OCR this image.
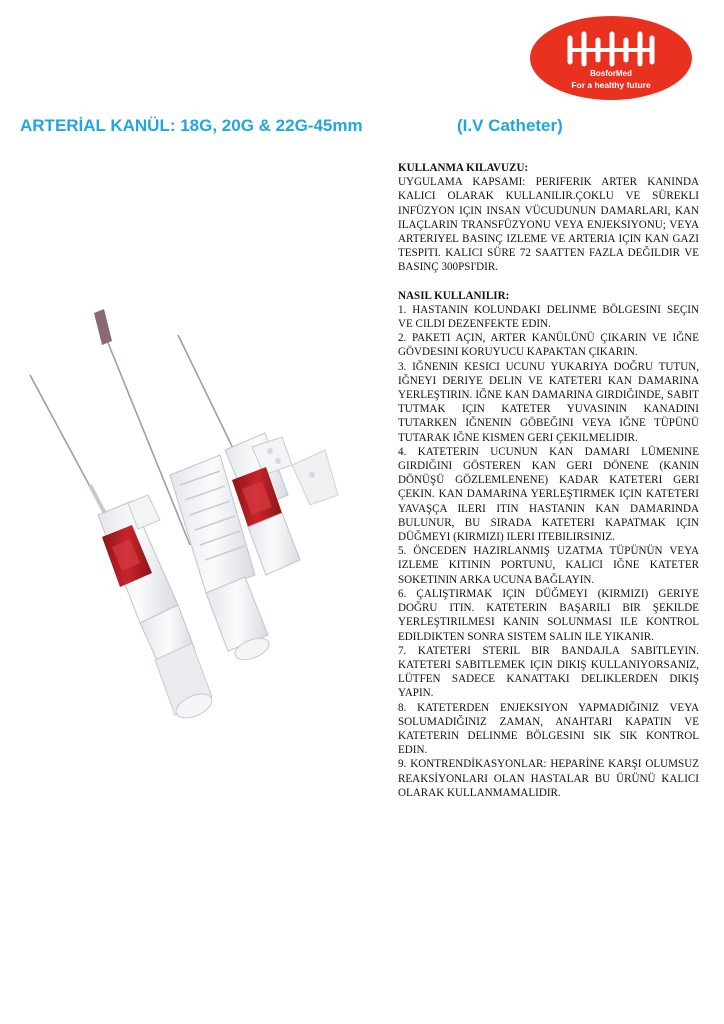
BosforMed
For a healthy future
ARTERİAL KANÜL: 18G, 20G & 22G-45mm	(I.V Catheter)
KULLANMA KILAVUZU:
UYGULAMA KAPSAMI: PERIFERIK ARTER KANINDA KALICI OLARAK KULLANILIR.ÇOKLU VE SÜREKLI INFÜZYON IÇIN INSAN VÜCUDUNUN DAMARLARI, KAN ILAÇLARIN TRANSFÜZYONU VEYA ENJEKSIYONU; VEYA ARTERIYEL BASINÇ IZLEME VE ARTERIA IÇIN KAN GAZI TESPITI. KALICI SÜRE 72 SAATTEN FAZLA DEĞILDIR VE BASINÇ 300PSI'DIR.
NASIL KULLANILIR:
1. HASTANIN KOLUNDAKI DELINME BÖLGESINI SEÇIN VE CILDI DEZENFEKTE EDIN.
2. PAKETI AÇIN, ARTER KANÜLÜNÜ ÇIKARIN VE IĞNE GÖVDESINI KORUYUCU KAPAKTAN ÇIKARIN.
3. IĞNENIN KESICI UCUNU YUKARIYA DOĞRU TUTUN, IĞNEYI DERIYE DELIN VE KATETERI KAN DAMARINA YERLEŞTIRIN. IĞNE KAN DAMARINA GIRDIĞINDE, SABIT TUTMAK IÇIN KATETER YUVASININ KANADINI TUTARKEN IĞNENIN GÖBEĞINI VEYA IĞNE TÜPÜNÜ TUTARAK IĞNE KISMEN GERI ÇEKILMELIDIR.
4. KATETERIN UCUNUN KAN DAMARI LÜMENINE GIRDIĞINI GÖSTEREN KAN GERI DÖNENE (KANIN DÖNÜŞÜ GÖZLEMLENENE) KADAR KATETERI GERI ÇEKIN. KAN DAMARINA YERLEŞTIRMEK IÇIN KATETERI YAVAŞÇA ILERI ITIN HASTANIN KAN DAMARINDA BULUNUR, BU SIRADA KATETERI KAPATMAK IÇIN DÜĞMEYI (KIRMIZI) ILERI ITEBILIRSINIZ.
5. ÖNCEDEN HAZIRLANMIŞ UZATMA TÜPÜNÜN VEYA IZLEME KITININ PORTUNU, KALICI IĞNE KATETER SOKETININ ARKA UCUNA BAĞLAYIN.
6. ÇALIŞTIRMAK IÇIN DÜĞMEYI (KIRMIZI) GERIYE DOĞRU ITIN. KATETERIN BAŞARILI BIR ŞEKILDE YERLEŞTIRILMESI KANIN SOLUNMASI ILE KONTROL EDILDIKTEN SONRA SISTEM SALIN ILE YIKANIR.
7. KATETERI STERIL BIR BANDAJLA SABITLEYIN. KATETERI SABITLEMEK IÇIN DIKIŞ KULLANIYORSANIZ, LÜTFEN SADECE KANATTAKI DELIKLERDEN DIKIŞ YAPIN.
8. KATETERDEN ENJEKSIYON YAPMADIĞINIZ VEYA SOLUMADIĞINIZ ZAMAN, ANAHTARI KAPATIN VE KATETERIN DELINME BÖLGESINI SIK SIK KONTROL EDIN.
9. KONTRENDİKASYONLAR: HEPARİNE KARŞI OLUMSUZ REAKSİYONLARI OLAN HASTALAR BU ÜRÜNÜ KALICI OLARAK KULLANMAMALIDIR.
